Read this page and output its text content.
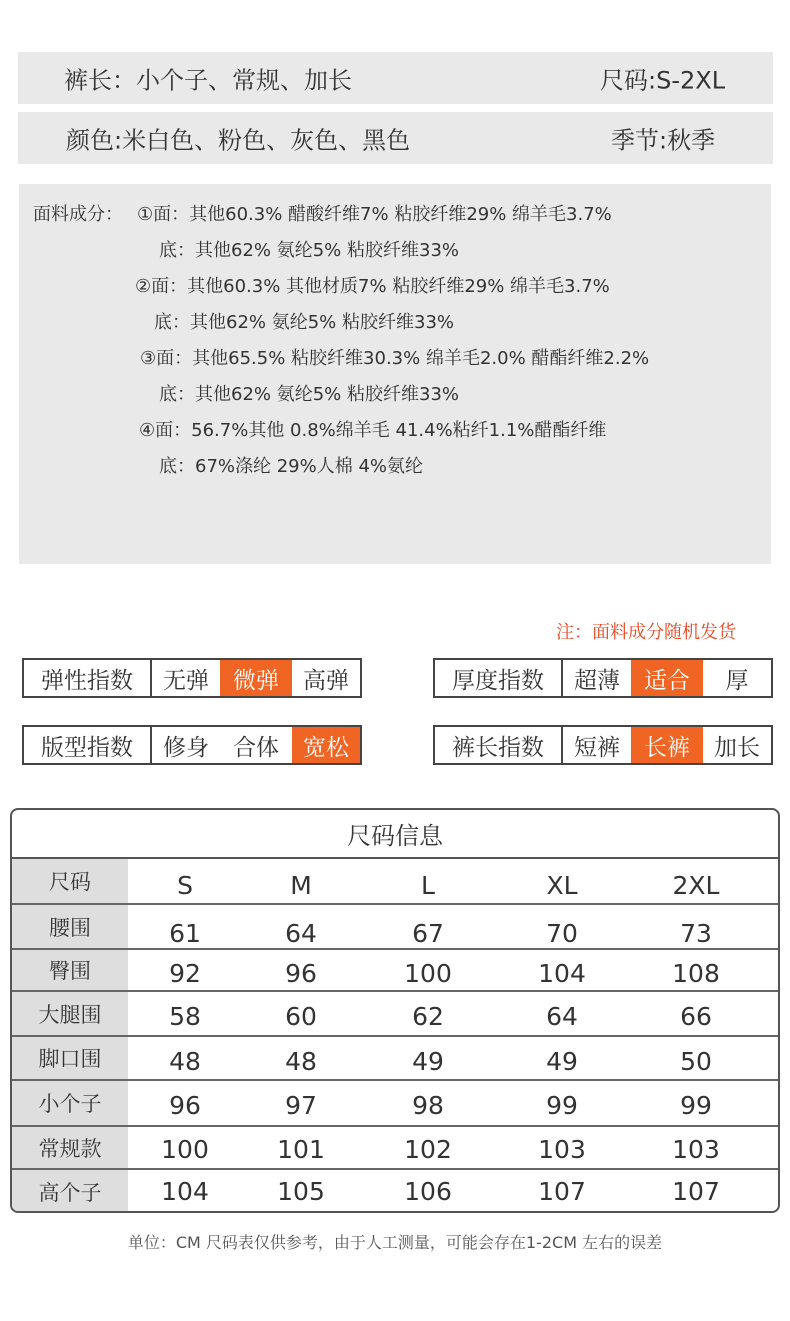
裤长：小个子、常规、加长	尺码:S-2XL
颜色:米白色、粉色、灰色、黑色	季节:秋季
面料成分： ①面：其他60.3% 醋酸纤维7% 粘胶纤维29% 绵羊毛3.7%
底：其他62% 氨纶5% 粘胶纤维33%
②面：其他60.3% 其他材质7% 粘胶纤维29% 绵羊毛3.7%
底：其他62% 氨纶5% 粘胶纤维33%
③面：其他65.5% 粘胶纤维30.3% 绵羊毛2.0% 醋酯纤维2.2%
底：其他62% 氨纶5% 粘胶纤维33%
④面：56.7%其他 0.8%绵羊毛 41.4%粘纤1.1%醋酯纤维
底：67%涤纶 29%人棉 4%氨纶
注：面料成分随机发货
弹性指数	无弹	微弹	高弹	厚度指数	超薄	适合	厚
版型指数	修身	合体	宽松	裤长指数	短裤	长裤	加长
尺码信息
尺码	S	M	L	XL	2XL
腰围	61	64	67	70	73
臀围	92	96	100	104	108
大腿围	58	60	62	64	66
脚口围	48	48	49	49	50
小个子	96	97	98	99	99
常规款	100	101	102	103	103
高个子	104	105	106	107	107
单位：CM 尺码表仅供参考，由于人工测量，可能会存在1-2CM 左右的误差
